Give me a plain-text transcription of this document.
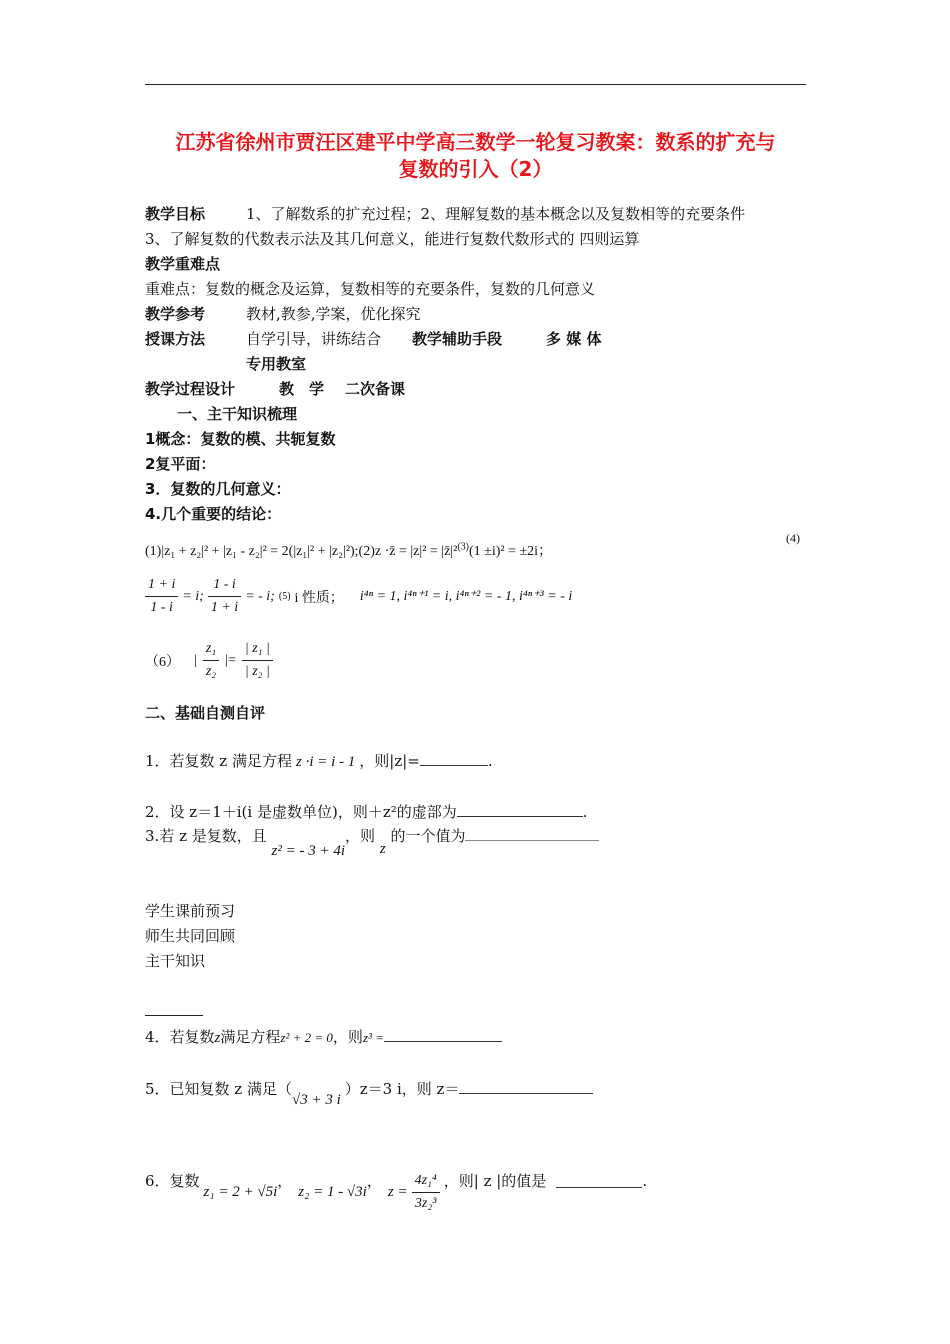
江苏省徐州市贾汪区建平中学高三数学一轮复习教案：数系的扩充与
复数的引入（2）
教学目标	1、了解数系的扩充过程；2、理解复数的基本概念以及复数相等的充要条件
3、了解复数的代数表示法及其几何意义，能进行复数代数形式的 四则运算
教学重难点
重难点：复数的概念及运算，复数相等的充要条件，复数的几何意义
教学参考	教材,教参,学案，优化探究
授课方法	自学引导，讲练结合 教学辅助手段	多 媒 体
专用教室
教学过程设计	教　学 二次备课
一、主干知识梳理
1概念：复数的模、共轭复数
2复平面：
3．复数的几何意义：
4.几个重要的结论：
(1)|z₁ + z₂|² + |z₁ - z₂|² = 2(|z₁|² + |z₂|²);(2)z ·z̄ = |z|² = |z̄|²$^{(3)}$(1 ±i)² = ±2i；
(4)
$\frac{1 + i}{1 - i} = i$; $\frac{1 - i}{1 + i}$ = - i; (5) i 性质； i⁴ⁿ = 1, i⁴ⁿ⁺¹ = i, i⁴ⁿ⁺² = - 1, i⁴ⁿ⁺³ = - i
（6） | $\frac{\text{z₁}}{\text{z₂}}$ |= $\frac{\text{| z₁ |}}{\text{| z₂ |}}$
二、基础自测自评
1．若复数 z 满足方程 z ·i = i - 1 ，则|z|=	.
2．设 z＝1＋i(i 是虚数单位)，则＋z²的虚部为	.
3.若 z 是复数，且 z² = - 3 + 4i，则 z 的一个值为
学生课前预习
师生共同回顾
主干知识
4．若复数z满足方程z² + 2 = 0，则z³ =
5．已知复数 z 满足（√3 + 3 i）z＝3 i，则 z＝
6．复数
z₁ = 2 + √5i
，
z₂ = 1 - √3i
，
$z = \frac{\text{4z₁⁴}}{\text{3z₂³}}$ ，则| z |的值是	.
